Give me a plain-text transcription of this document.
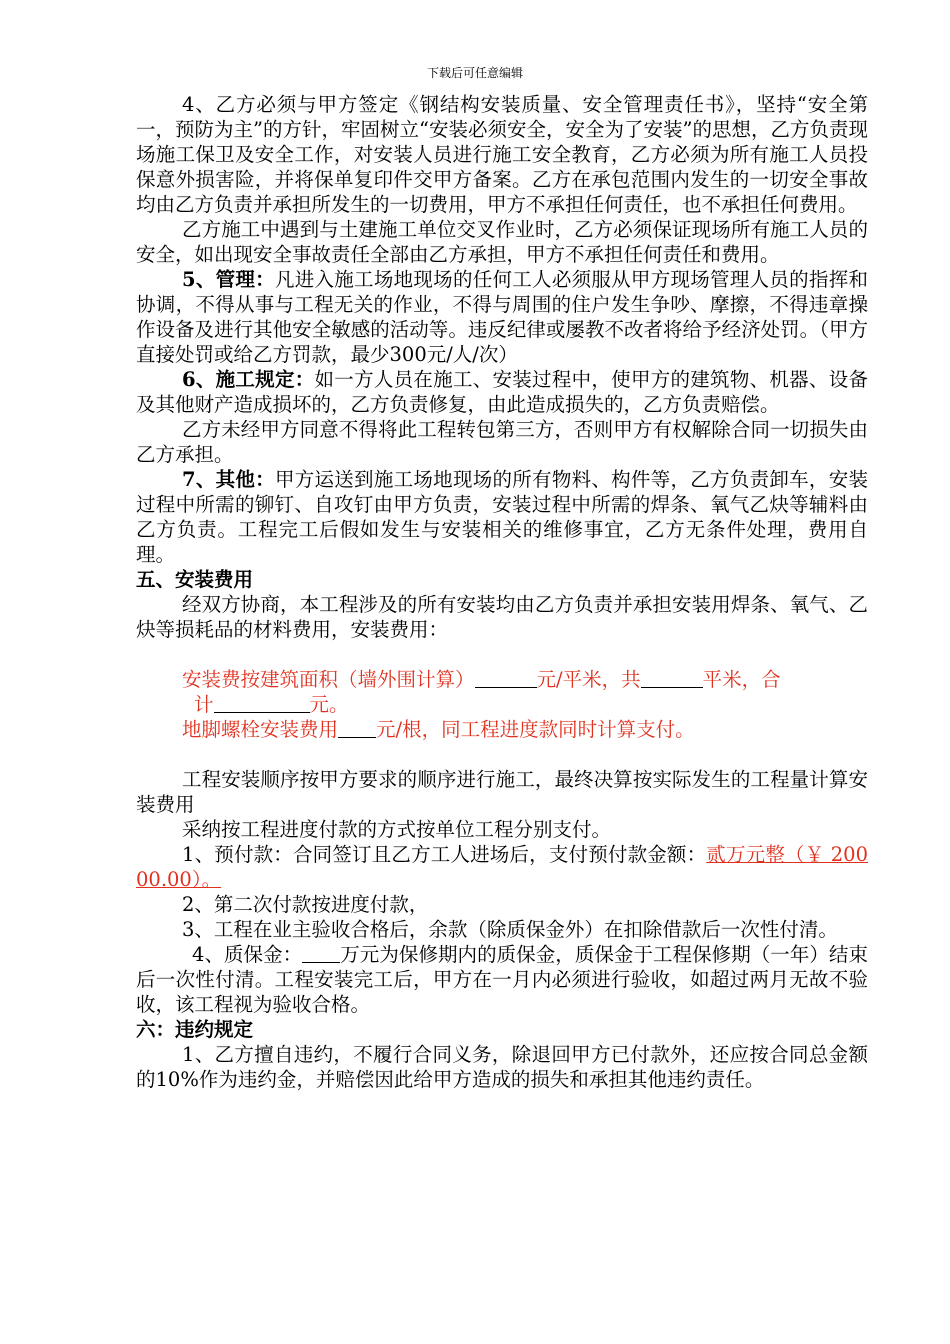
下载后可任意编辑

4、乙方必须与甲方签定《钢结构安装质量、安全管理责任书》，坚持“安全第一，预防为主”的方针，牢固树立“安装必须安全，安全为了安装”的思想，乙方负责现场施工保卫及安全工作，对安装人员进行施工安全教育，乙方必须为所有施工人员投保意外损害险，并将保单复印件交甲方备案。乙方在承包范围内发生的一切安全事故均由乙方负责并承担所发生的一切费用，甲方不承担任何责任，也不承担任何费用。

乙方施工中遇到与土建施工单位交叉作业时，乙方必须保证现场所有施工人员的安全，如出现安全事故责任全部由乙方承担，甲方不承担任何责任和费用。

5、管理：凡进入施工场地现场的任何工人必须服从甲方现场管理人员的指挥和协调，不得从事与工程无关的作业，不得与周围的住户发生争吵、摩擦，不得违章操作设备及进行其他安全敏感的活动等。违反纪律或屡教不改者将给予经济处罚。（甲方直接处罚或给乙方罚款，最少300元/人/次）

6、施工规定：如一方人员在施工、安装过程中，使甲方的建筑物、机器、设备及其他财产造成损坏的，乙方负责修复，由此造成损失的，乙方负责赔偿。

乙方未经甲方同意不得将此工程转包第三方，否则甲方有权解除合同一切损失由乙方承担。

7、其他：甲方运送到施工场地现场的所有物料、构件等，乙方负责卸车，安装过程中所需的铆钉、自攻钉由甲方负责，安装过程中所需的焊条、氧气乙炔等辅料由乙方负责。工程完工后假如发生与安装相关的维修事宜，乙方无条件处理，费用自理。

五、安装费用

经双方协商，本工程涉及的所有安装均由乙方负责并承担安装用焊条、氧气、乙炔等损耗品的材料费用，安装费用：

安装费按建筑面积（墙外围计算）	元/平米，共	平米，合

计	元。

地脚螺栓安装费用 元/根，同工程进度款同时计算支付。

工程安装顺序按甲方要求的顺序进行施工，最终决算按实际发生的工程量计算安装费用

采纳按工程进度付款的方式按单位工程分别支付。

1、预付款：合同签订且乙方工人进场后，支付预付款金额：贰万元整（￥ 20000.00）。

2、第二次付款按进度付款，

3、工程在业主验收合格后，余款（除质保金外）在扣除借款后一次性付清。

4、质保金： 万元为保修期内的质保金，质保金于工程保修期（一年）结束后一次性付清。工程安装完工后，甲方在一月内必须进行验收，如超过两月无故不验收，该工程视为验收合格。

六：违约规定

1、乙方擅自违约，不履行合同义务，除退回甲方已付款外，还应按合同总金额的10%作为违约金，并赔偿因此给甲方造成的损失和承担其他违约责任。
